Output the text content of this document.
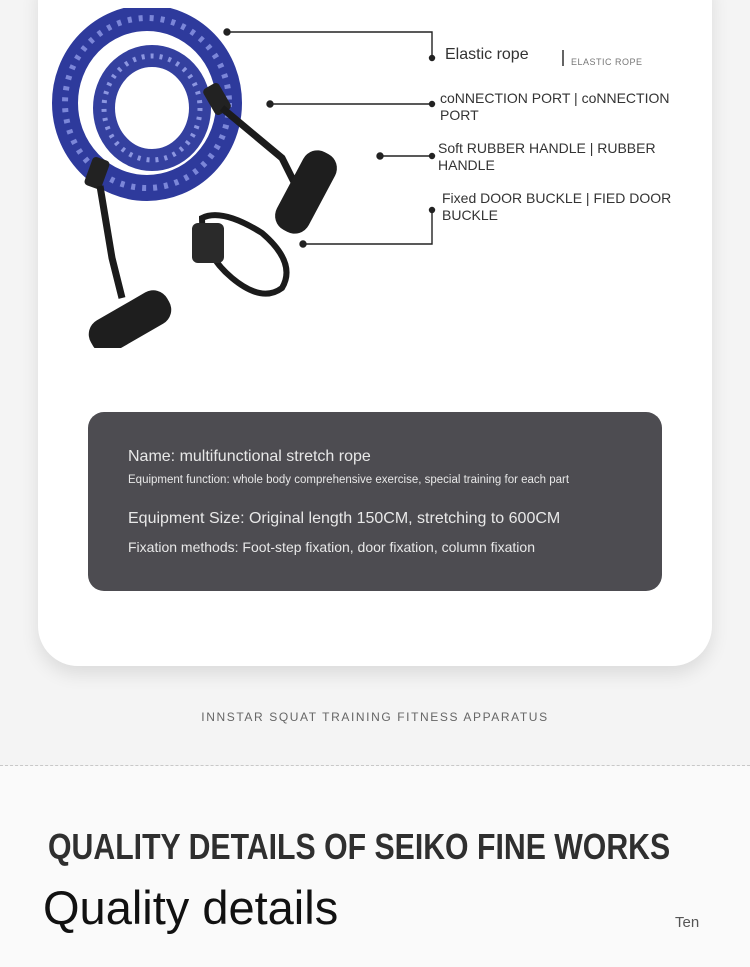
Elastic rope	ELASTIC ROPE
coNNECTION PORT | coNNECTION PORT
Soft RUBBER HANDLE | RUBBER HANDLE
Fixed DOOR BUCKLE | FIED DOOR BUCKLE
Name: multifunctional stretch rope
Equipment function: whole body comprehensive exercise, special training for each part
Equipment Size: Original length 150CM, stretching to 600CM
Fixation methods: Foot-step fixation, door fixation, column fixation
INNSTAR SQUAT TRAINING FITNESS APPARATUS
QUALITY DETAILS OF SEIKO FINE WORKS
Quality details	Ten
